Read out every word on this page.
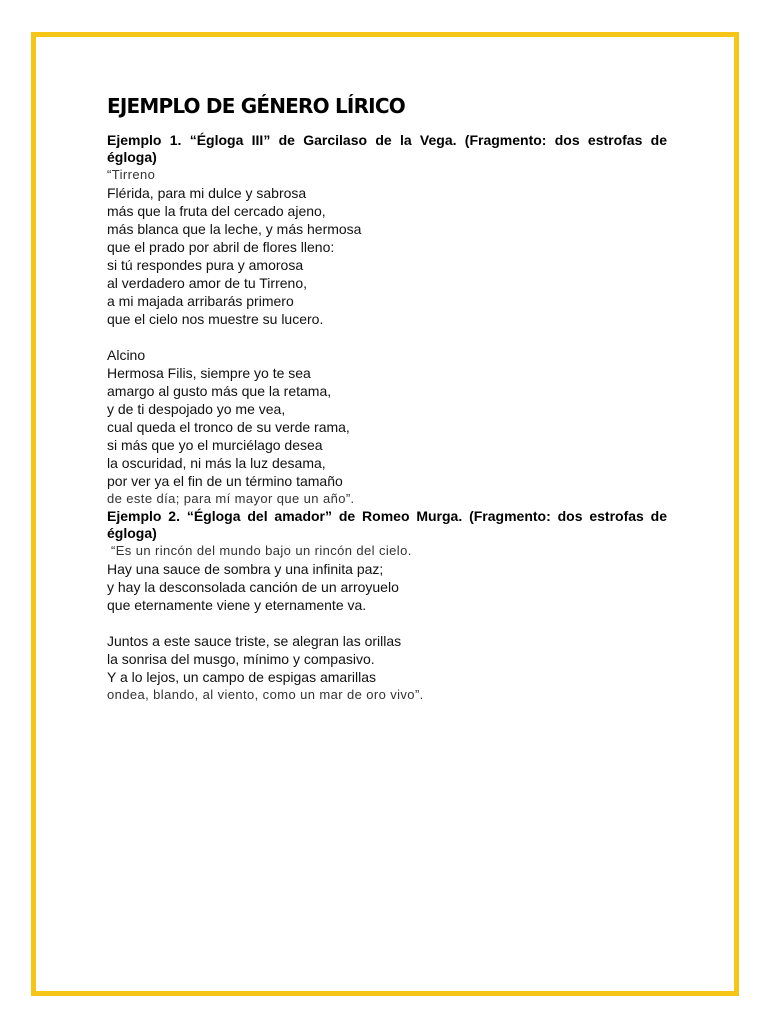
EJEMPLO DE GÉNERO LÍRICO

Ejemplo 1. “Égloga III” de Garcilaso de la Vega. (Fragmento: dos estrofas de égloga)

“Tirreno

Flérida, para mi dulce y sabrosa

más que la fruta del cercado ajeno,

más blanca que la leche, y más hermosa

que el prado por abril de flores lleno:

si tú respondes pura y amorosa

al verdadero amor de tu Tirreno,

a mi majada arribarás primero

que el cielo nos muestre su lucero.

Alcino

Hermosa Filis, siempre yo te sea

amargo al gusto más que la retama,

y de ti despojado yo me vea,

cual queda el tronco de su verde rama,

si más que yo el murciélago desea

la oscuridad, ni más la luz desama,

por ver ya el fin de un término tamaño

de este día; para mí mayor que un año”.

Ejemplo 2. “Égloga del amador” de Romeo Murga. (Fragmento: dos estrofas de égloga)

“Es un rincón del mundo bajo un rincón del cielo.

Hay una sauce de sombra y una infinita paz;

y hay la desconsolada canción de un arroyuelo

que eternamente viene y eternamente va.

Juntos a este sauce triste, se alegran las orillas

la sonrisa del musgo, mínimo y compasivo.

Y a lo lejos, un campo de espigas amarillas

ondea, blando, al viento, como un mar de oro vivo”.
